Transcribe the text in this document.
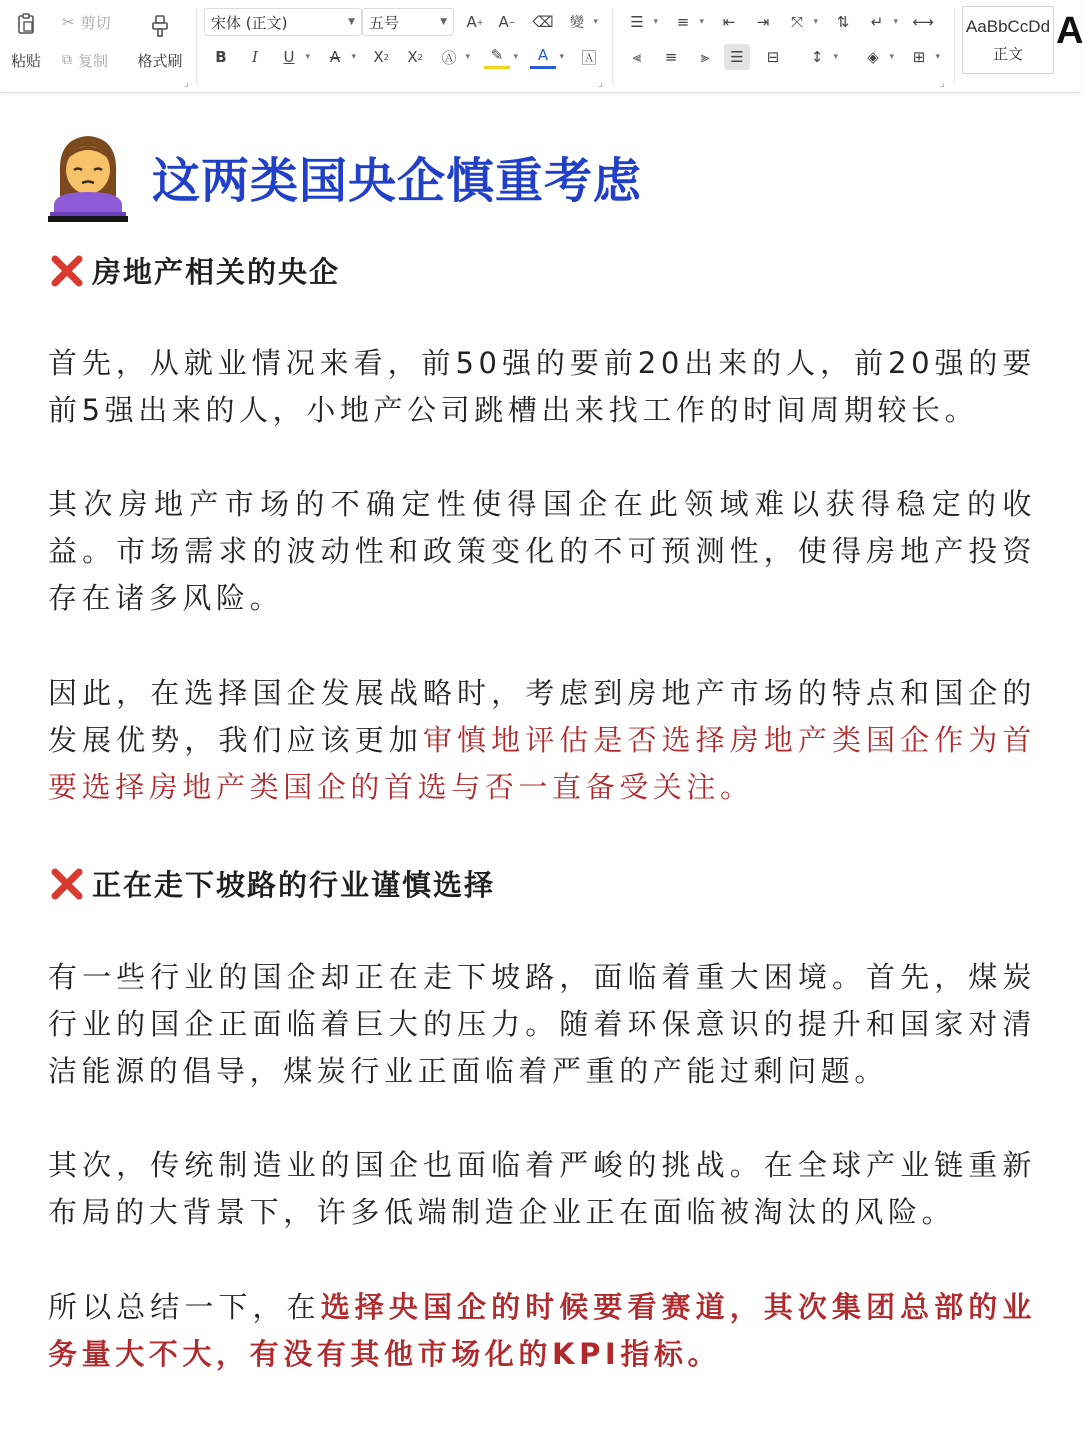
粘贴
✂ 剪切
⧉ 复制 格式刷
⌟
宋体 (正文)	▼ 五号	▼	A +	A − ⌫	變 ▾
B	I	U ▾	A ▾	X 2	X 2	Ⓐ ▾	✎ ▾	A ▾	🄰
⌟
☰ ▾	≡ ▾	⇤	⇥	⤧ ▾	⇅	↵ ▾	⟷
⫷	≡	⫸	☰	⊟	↕ ▾	◈ ▾	⊞ ▾
⌟
AaBbCcDd
正文
A
这两类国央企慎重考虑
房地产相关的央企

首先，从就业情况来看，前50强的要前20出来的人，前20强的要前5强出来的人，小地产公司跳槽出来找工作的时间周期较长。

其次房地产市场的不确定性使得国企在此领域难以获得稳定的收益。市场需求的波动性和政策变化的不可预测性，使得房地产投资存在诸多风险。

因此，在选择国企发展战略时，考虑到房地产市场的特点和国企的发展优势，我们应该更加审慎地评估是否选择房地产类国企作为首要选择房地产类国企的首选与否一直备受关注。

正在走下坡路的行业谨慎选择

有一些行业的国企却正在走下坡路，面临着重大困境。首先，煤炭行业的国企正面临着巨大的压力。随着环保意识的提升和国家对清洁能源的倡导，煤炭行业正面临着严重的产能过剩问题。

其次，传统制造业的国企也面临着严峻的挑战。在全球产业链重新布局的大背景下，许多低端制造企业正在面临被淘汰的风险。

所以总结一下，在选择央国企的时候要看赛道，其次集团总部的业务量大不大，有没有其他市场化的KPI指标。
